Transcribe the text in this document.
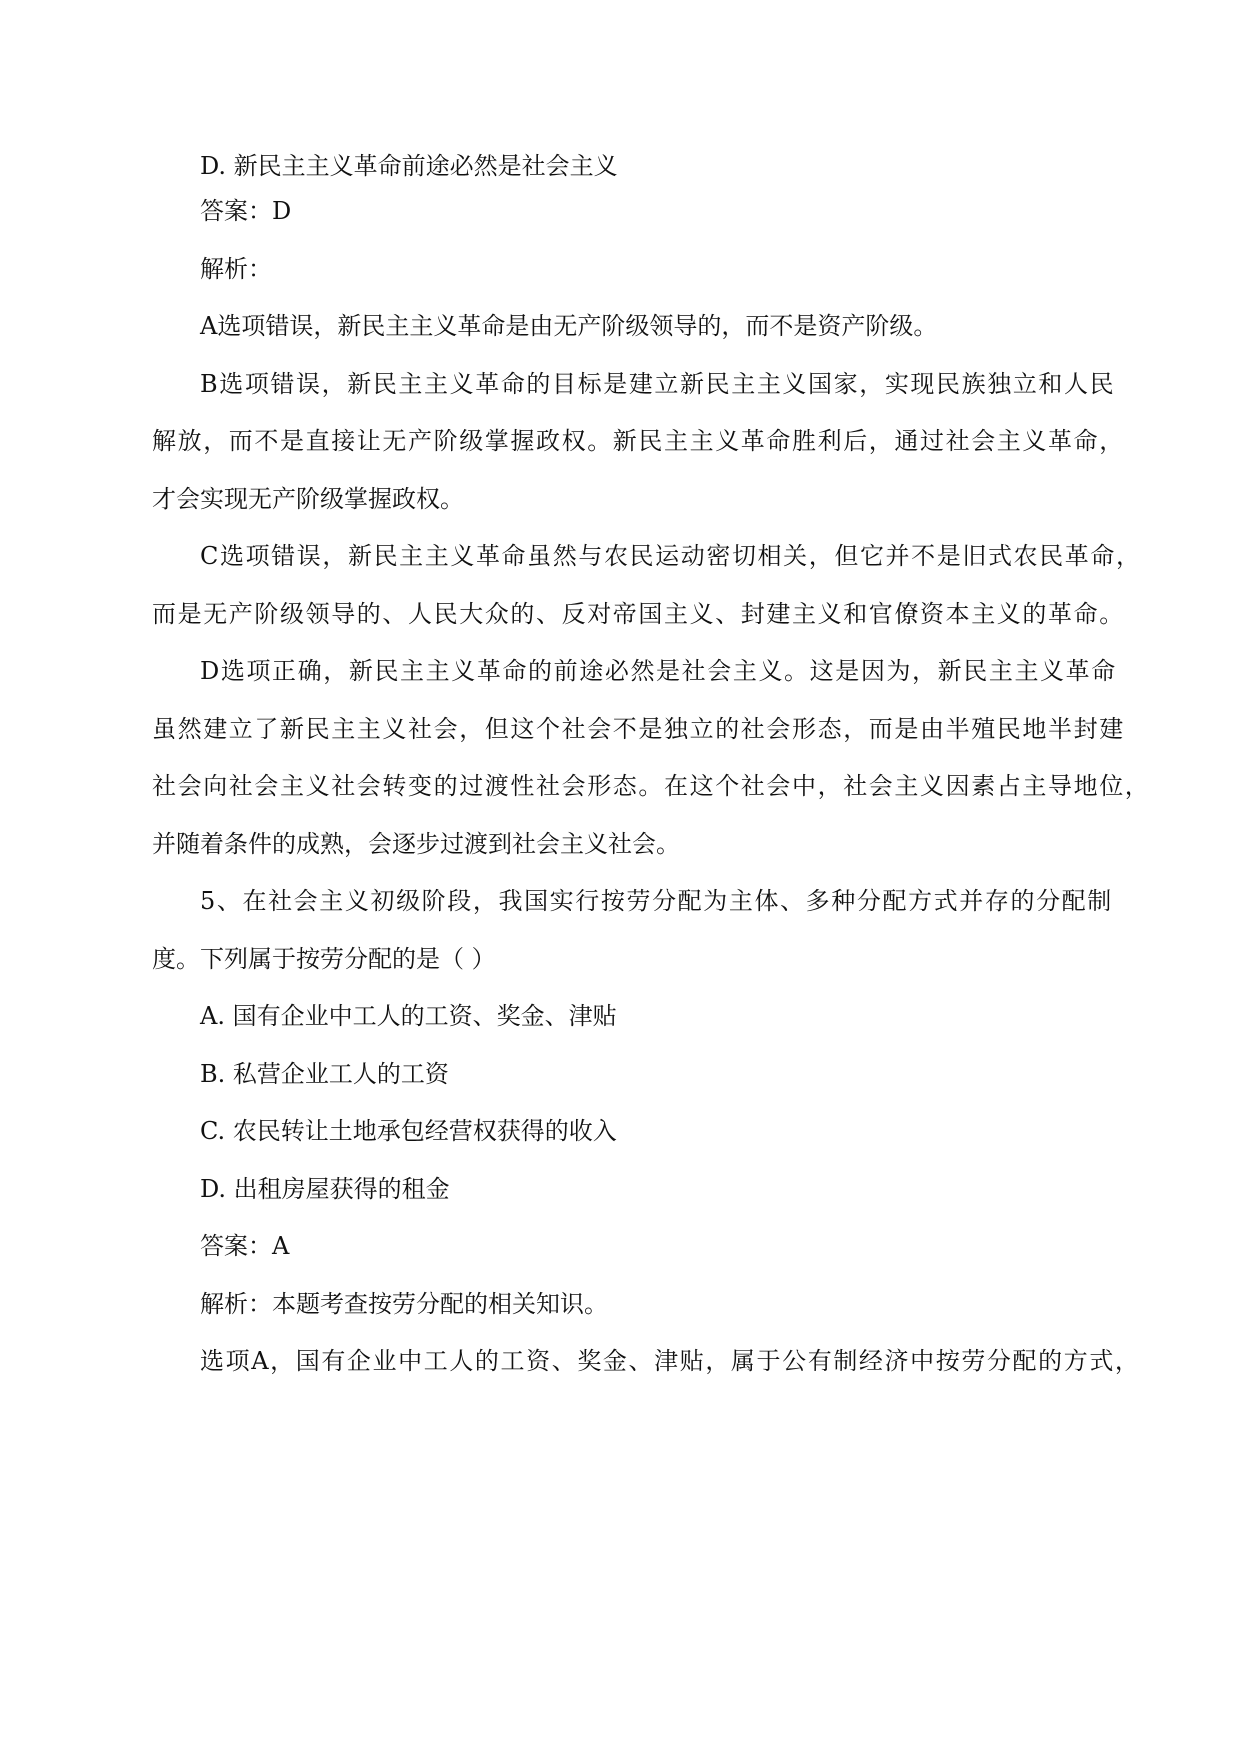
D. 新民主主义革命前途必然是社会主义
答案：D
解析：
A选项错误，新民主主义革命是由无产阶级领导的，而不是资产阶级。
B选项错误，新民主主义革命的目标是建立新民主主义国家，实现民族独立和人民
解放，而不是直接让无产阶级掌握政权。新民主主义革命胜利后，通过社会主义革命，
才会实现无产阶级掌握政权。
C选项错误，新民主主义革命虽然与农民运动密切相关，但它并不是旧式农民革命，
而是无产阶级领导的、人民大众的、反对帝国主义、封建主义和官僚资本主义的革命。
D选项正确，新民主主义革命的前途必然是社会主义。这是因为，新民主主义革命
虽然建立了新民主主义社会，但这个社会不是独立的社会形态，而是由半殖民地半封建
社会向社会主义社会转变的过渡性社会形态。在这个社会中，社会主义因素占主导地位，
并随着条件的成熟，会逐步过渡到社会主义社会。
5、在社会主义初级阶段，我国实行按劳分配为主体、多种分配方式并存的分配制
度。下列属于按劳分配的是（ ）
A. 国有企业中工人的工资、奖金、津贴
B. 私营企业工人的工资
C. 农民转让土地承包经营权获得的收入
D. 出租房屋获得的租金
答案：A
解析：本题考查按劳分配的相关知识。
选项A，国有企业中工人的工资、奖金、津贴，属于公有制经济中按劳分配的方式，
